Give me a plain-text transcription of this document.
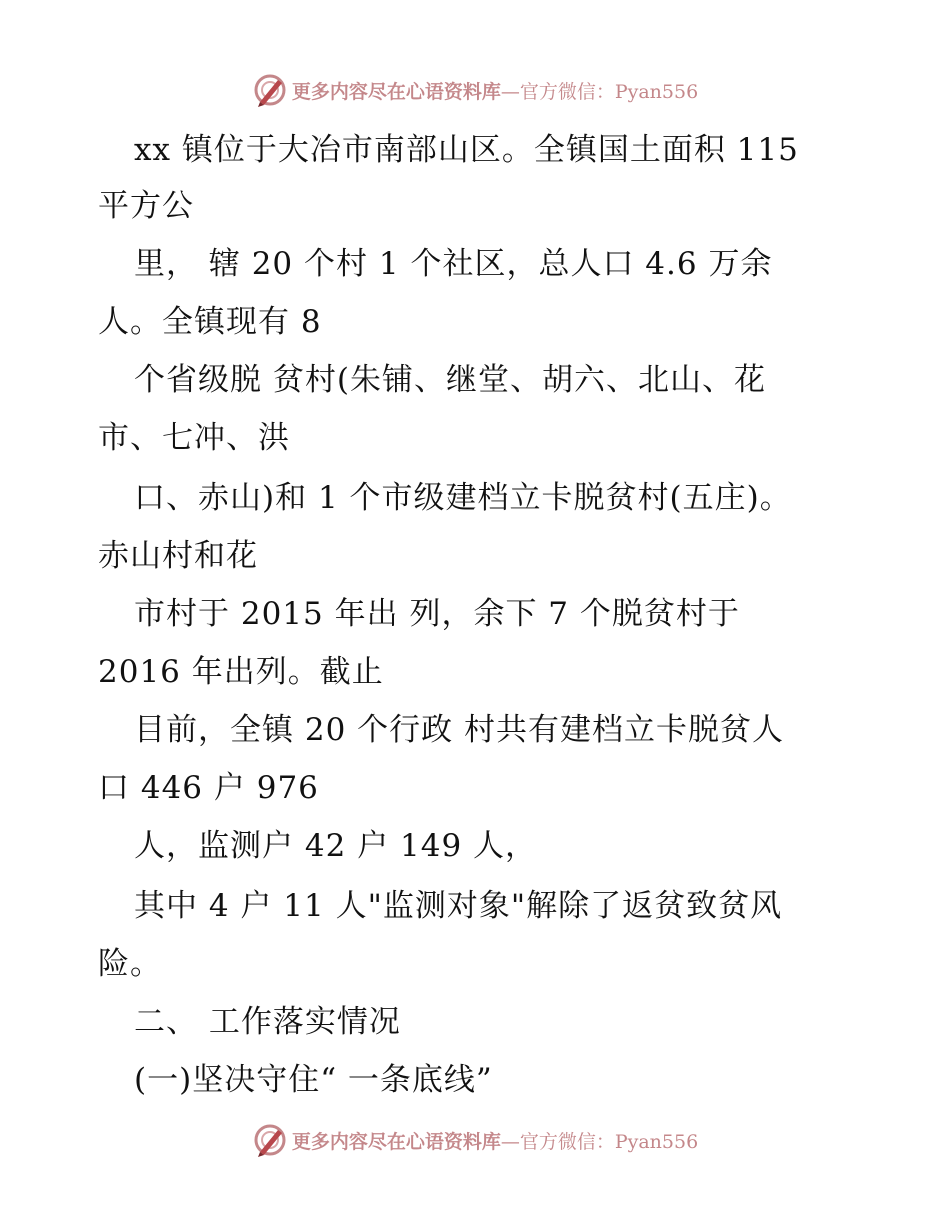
更多内容尽在心语资料库—官方微信：Pyan556
xx 镇位于大冶市南部山区。全镇国土面积 115
平方公
里， 辖 20 个村 1 个社区，总人口 4.6 万余
人。全镇现有 8
个省级脱 贫村(朱铺、继堂、胡六、北山、花
市、七冲、洪
口、赤山)和 1 个市级建档立卡脱贫村(五庄)。
赤山村和花
市村于 2015 年出 列，余下 7 个脱贫村于
2016 年出列。截止
目前，全镇 20 个行政 村共有建档立卡脱贫人
口 446 户 976
人，监测户 42 户 149 人，
其中 4 户 11 人"监测对象"解除了返贫致贫风
险。
二、 工作落实情况
(一)坚决守住“ 一条底线”
更多内容尽在心语资料库—官方微信：Pyan556
